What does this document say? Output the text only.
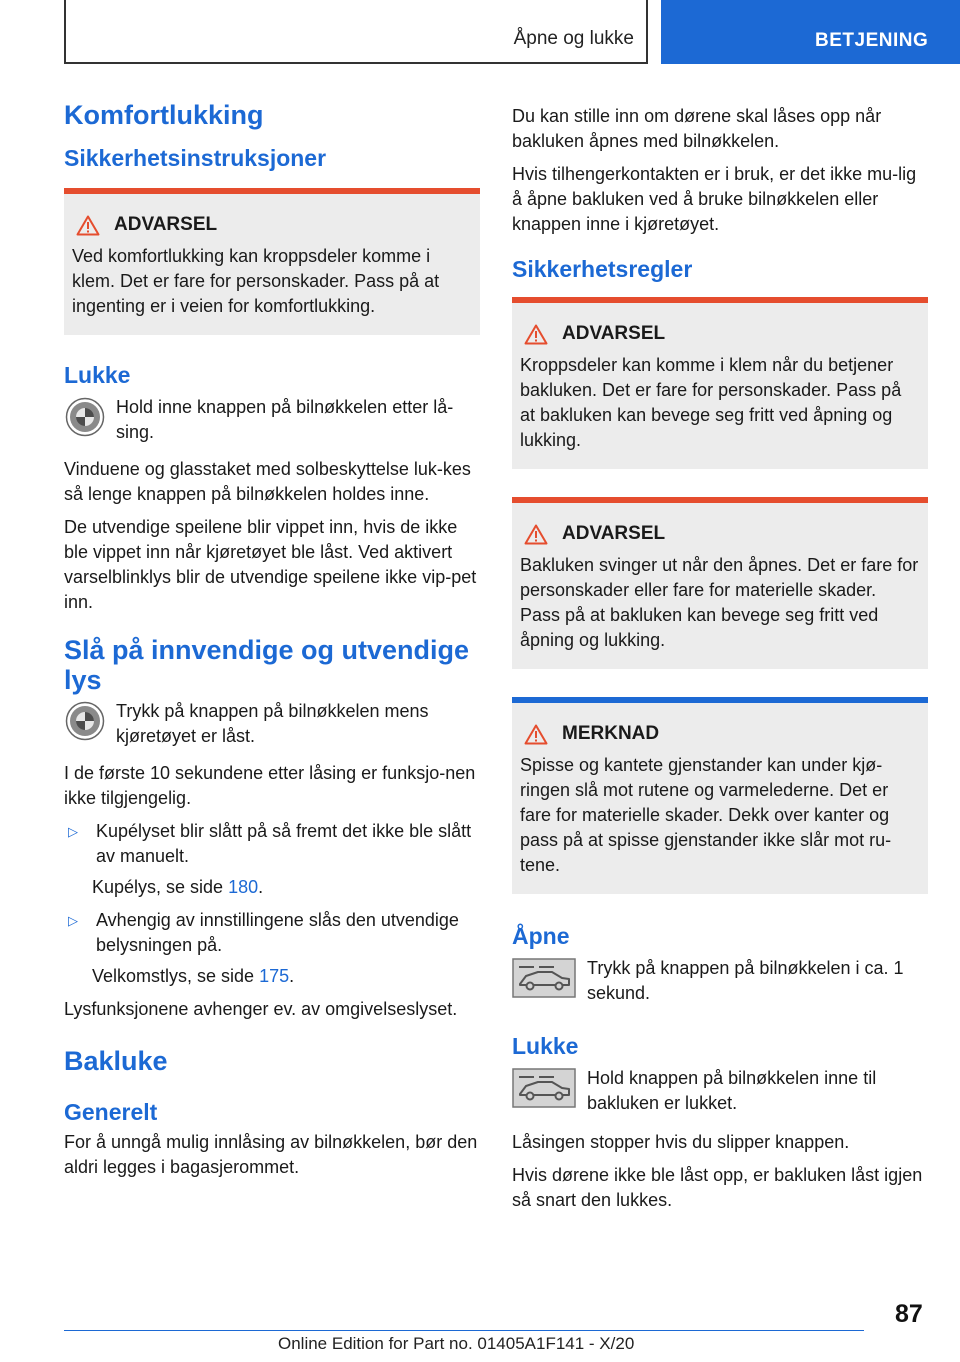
Åpne og lukke	BETJENING
Komfortlukking
Sikkerhetsinstruksjoner
ADVARSEL

Ved komfortlukking kan kroppsdeler komme i klem. Det er fare for personskader. Pass på at ingenting er i veien for komfortlukking.

Lukke

Hold inne knappen på bilnøkkelen etter lå-sing.

Vinduene og glasstaket med solbeskyttelse luk-kes så lenge knappen på bilnøkkelen holdes inne.

De utvendige speilene blir vippet inn, hvis de ikke ble vippet inn når kjøretøyet ble låst. Ved aktivert varselblinklys blir de utvendige speilene ikke vip-pet inn.

Slå på innvendige og utvendige lys

Trykk på knappen på bilnøkkelen mens kjøretøyet er låst.

I de første 10 sekundene etter låsing er funksjo-nen ikke tilgjengelig.

▷	Kupélyset blir slått på så fremt det ikke ble slått av manuelt.

Kupélys, se side 180.

▷	Avhengig av innstillingene slås den utvendige belysningen på.

Velkomstlys, se side 175.

Lysfunksjonene avhenger ev. av omgivelseslyset.

Bakluke
Generelt

For å unngå mulig innlåsing av bilnøkkelen, bør den aldri legges i bagasjerommet.

Du kan stille inn om dørene skal låses opp når bakluken åpnes med bilnøkkelen.

Hvis tilhengerkontakten er i bruk, er det ikke mu-lig å åpne bakluken ved å bruke bilnøkkelen eller knappen inne i kjøretøyet.

Sikkerhetsregler
ADVARSEL

Kroppsdeler kan komme i klem når du betjener bakluken. Det er fare for personskader. Pass på at bakluken kan bevege seg fritt ved åpning og lukking.

ADVARSEL

Bakluken svinger ut når den åpnes. Det er fare for personskader eller fare for materielle skader. Pass på at bakluken kan bevege seg fritt ved åpning og lukking.

MERKNAD

Spisse og kantete gjenstander kan under kjø-ringen slå mot rutene og varmelederne. Det er fare for materielle skader. Dekk over kanter og pass på at spisse gjenstander ikke slår mot ru-tene.

Åpne

Trykk på knappen på bilnøkkelen i ca. 1 sekund.

Lukke

Hold knappen på bilnøkkelen inne til bakluken er lukket.

Låsingen stopper hvis du slipper knappen.

Hvis dørene ikke ble låst opp, er bakluken låst igjen så snart den lukkes.

87
Online Edition for Part no. 01405A1F141 - X/20
